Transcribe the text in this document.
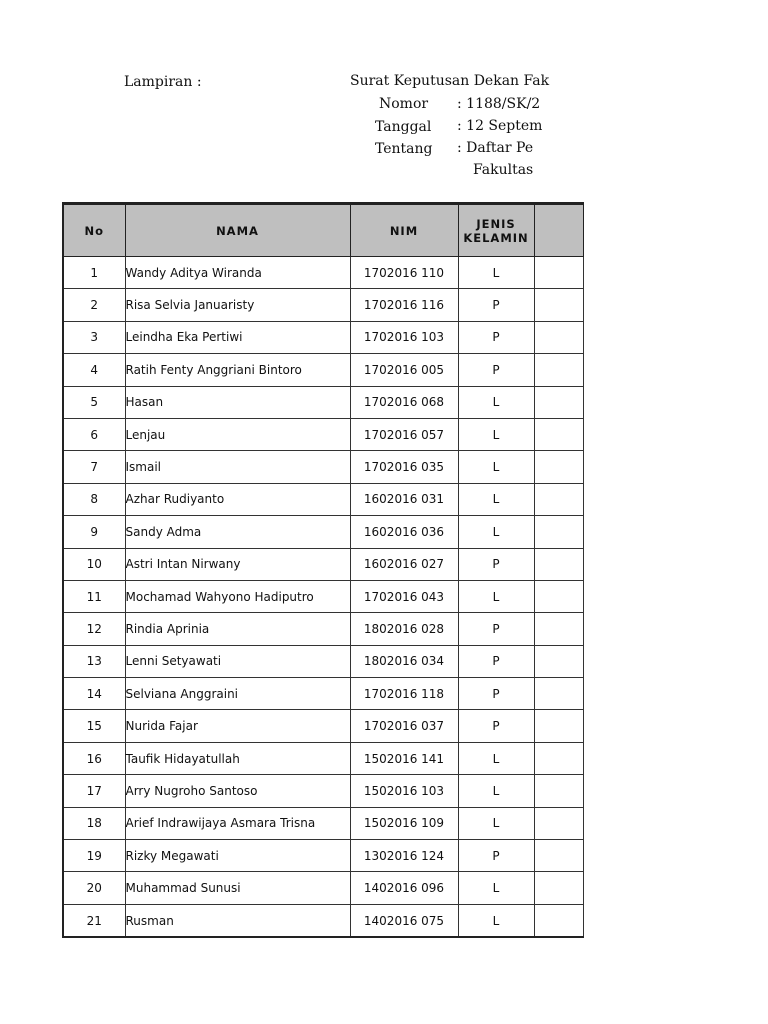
Lampiran :	Surat Keputusan Dekan Fak
Nomor : 1188/SK/2
Tanggal : 12 Septem
Tentang : Daftar Pe
Fakultas
No	NAMA	NIM	JENIS
KELAMIN	
1	Wandy Aditya Wiranda	1702016 110	L	
2	Risa Selvia Januaristy	1702016 116	P	
3	Leindha Eka Pertiwi	1702016 103	P	
4	Ratih Fenty Anggriani Bintoro	1702016 005	P	
5	Hasan	1702016 068	L	
6	Lenjau	1702016 057	L	
7	Ismail	1702016 035	L	
8	Azhar Rudiyanto	1602016 031	L	
9	Sandy Adma	1602016 036	L	
10	Astri Intan Nirwany	1602016 027	P	
11	Mochamad Wahyono Hadiputro	1702016 043	L	
12	Rindia Aprinia	1802016 028	P	
13	Lenni Setyawati	1802016 034	P	
14	Selviana Anggraini	1702016 118	P	
15	Nurida Fajar	1702016 037	P	
16	Taufik Hidayatullah	1502016 141	L	
17	Arry Nugroho Santoso	1502016 103	L	
18	Arief Indrawijaya Asmara Trisna	1502016 109	L	
19	Rizky Megawati	1302016 124	P	
20	Muhammad Sunusi	1402016 096	L	
21	Rusman	1402016 075	L	
